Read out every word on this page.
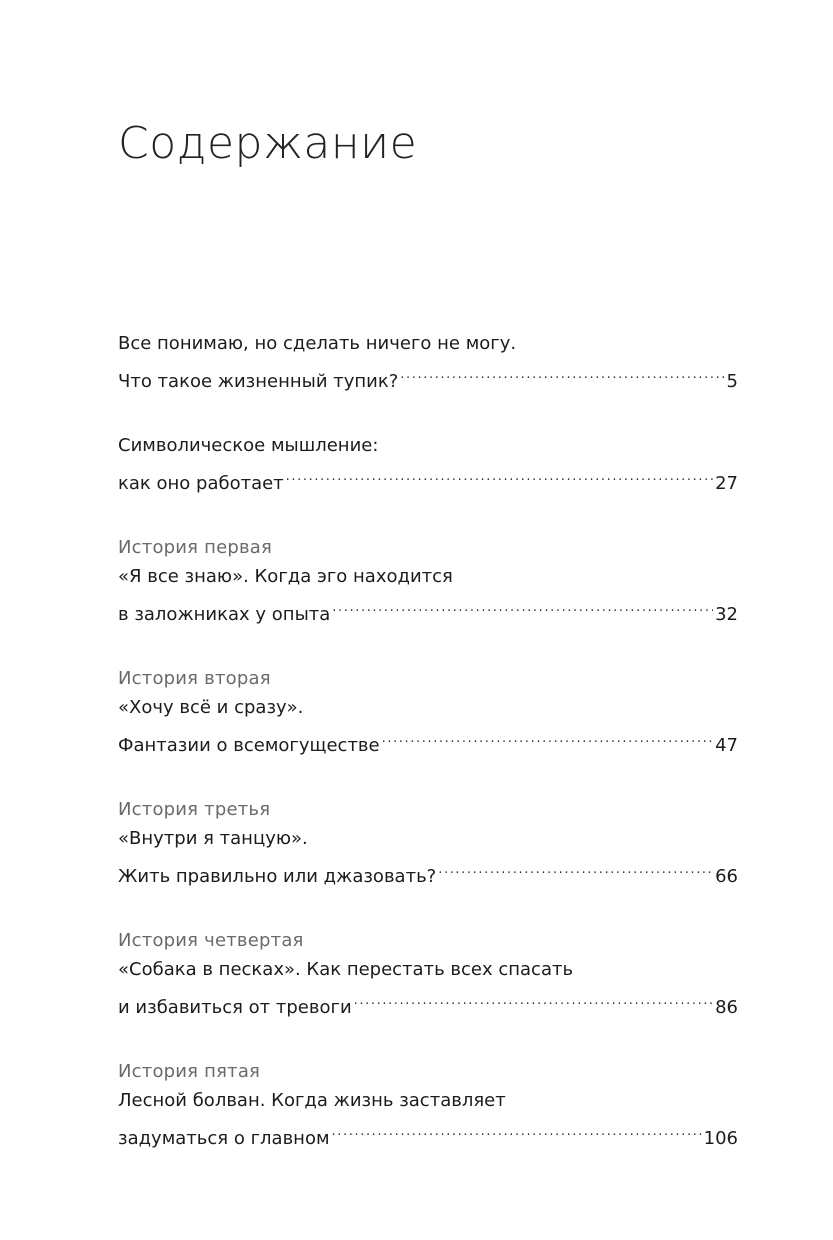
Содержание
Все понимаю, но сделать ничего не могу.
Что такое жизненный тупик? .....	5
Символическое мышление:
как оно работает .....	27
История первая
«Я все знаю». Когда эго находится
в заложниках у опыта .....	32
История вторая
«Хочу всё и сразу».
Фантазии о всемогуществе .....	47
История третья
«Внутри я танцую».
Жить правильно или джазовать? .....	66
История четвертая
«Собака в песках». Как перестать всех спасать
и избавиться от тревоги .....	86
История пятая
Лесной болван. Когда жизнь заставляет
задуматься о главном .....	106
